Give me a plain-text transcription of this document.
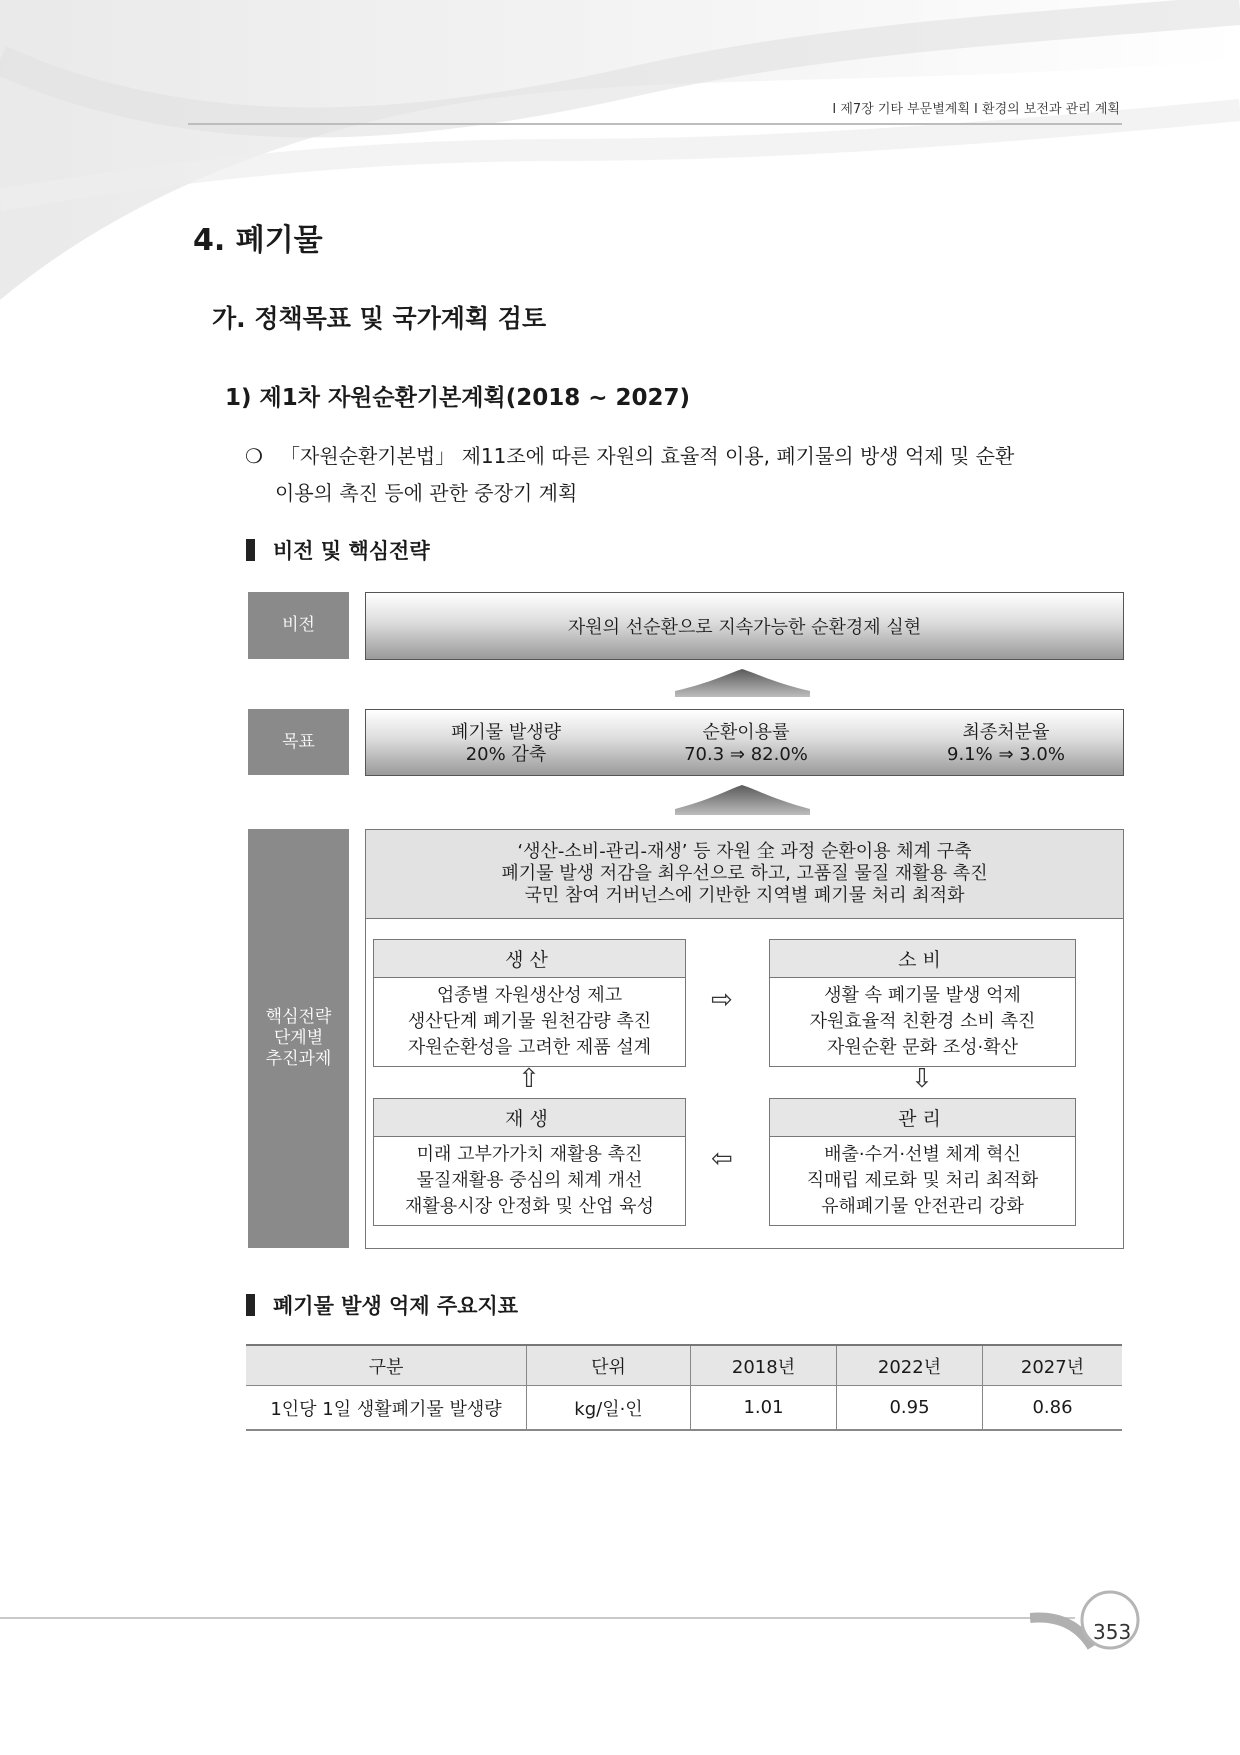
Ⅰ 제7장 기타 부문별계획 Ⅰ 환경의 보전과 관리 계획
4. 폐기물
가. 정책목표 및 국가계획 검토
1) 제1차 자원순환기본계획(2018 ~ 2027)
❍ 「자원순환기본법」 제11조에 따른 자원의 효율적 이용, 폐기물의 방생 억제 및 순환
이용의 촉진 등에 관한 중장기 계획
비전 및 핵심전략
비전	자원의 선순환으로 지속가능한 순환경제 실현
목표	폐기물 발생량
20% 감축
순환이용률
70.3 ⇒ 82.0%
최종처분율
9.1% ⇒ 3.0%
핵심전략
단계별
추진과제
‘생산-소비-관리-재생’ 등 자원 全 과정 순환이용 체계 구축
폐기물 발생 저감을 최우선으로 하고, 고품질 물질 재활용 촉진
국민 참여 거버넌스에 기반한 지역별 폐기물 처리 최적화
생산
업종별 자원생산성 제고
생산단계 폐기물 원천감량 촉진
자원순환성을 고려한 제품 설계
소비
생활 속 폐기물 발생 억제
자원효율적 친환경 소비 촉진
자원순환 문화 조성·확산
재생
미래 고부가가치 재활용 촉진
물질재활용 중심의 체계 개선
재활용시장 안정화 및 산업 육성
관리
배출·수거·선별 체계 혁신
직매립 제로화 및 처리 최적화
유해폐기물 안전관리 강화
⇨
⇧	⇩
⇦
폐기물 발생 억제 주요지표
구분	단위	2018년	2022년	2027년
1인당 1일 생활폐기물 발생량	kg/일·인	1.01	0.95	0.86
353
